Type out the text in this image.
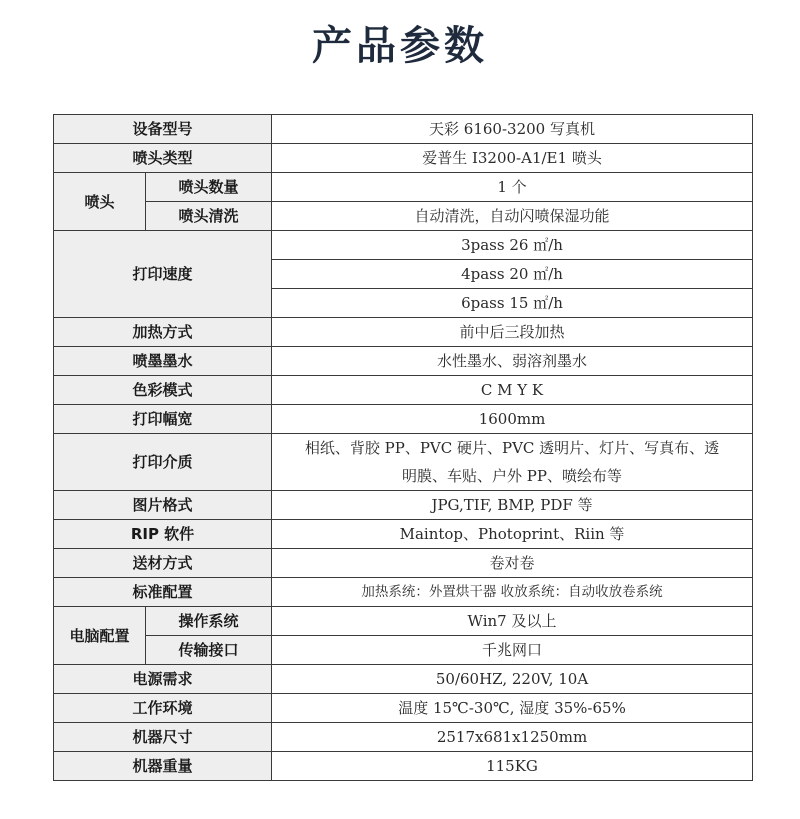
产品参数
设备型号		天彩 6160-3200 写真机
喷头类型		爱普生 I3200-A1/E1 喷头
喷头	喷头数量	1 个
	喷头清洗	自动清洗，自动闪喷保湿功能
打印速度		3pass 26 ㎡/h
		4pass 20 ㎡/h
		6pass 15 ㎡/h
加热方式		前中后三段加热
喷墨墨水		水性墨水、弱溶剂墨水
色彩模式		C M Y K
打印幅宽		1600mm
打印介质		相纸、背胶 PP、PVC 硬片、PVC 透明片、灯片、写真布、透
明膜、车贴、户外 PP、喷绘布等

图片格式		JPG,TIF, BMP, PDF 等
RIP 软件		Maintop、Photoprint、Riin 等
送材方式		卷对卷
标准配置		加热系统：外置烘干器 收放系统：自动收放卷系统
电脑配置	操作系统	Win7 及以上
	传输接口	千兆网口
电源需求		50/60HZ, 220V, 10A
工作环境		温度 15℃-30℃, 湿度 35%-65%
机器尺寸		2517x681x1250mm
机器重量		115KG
